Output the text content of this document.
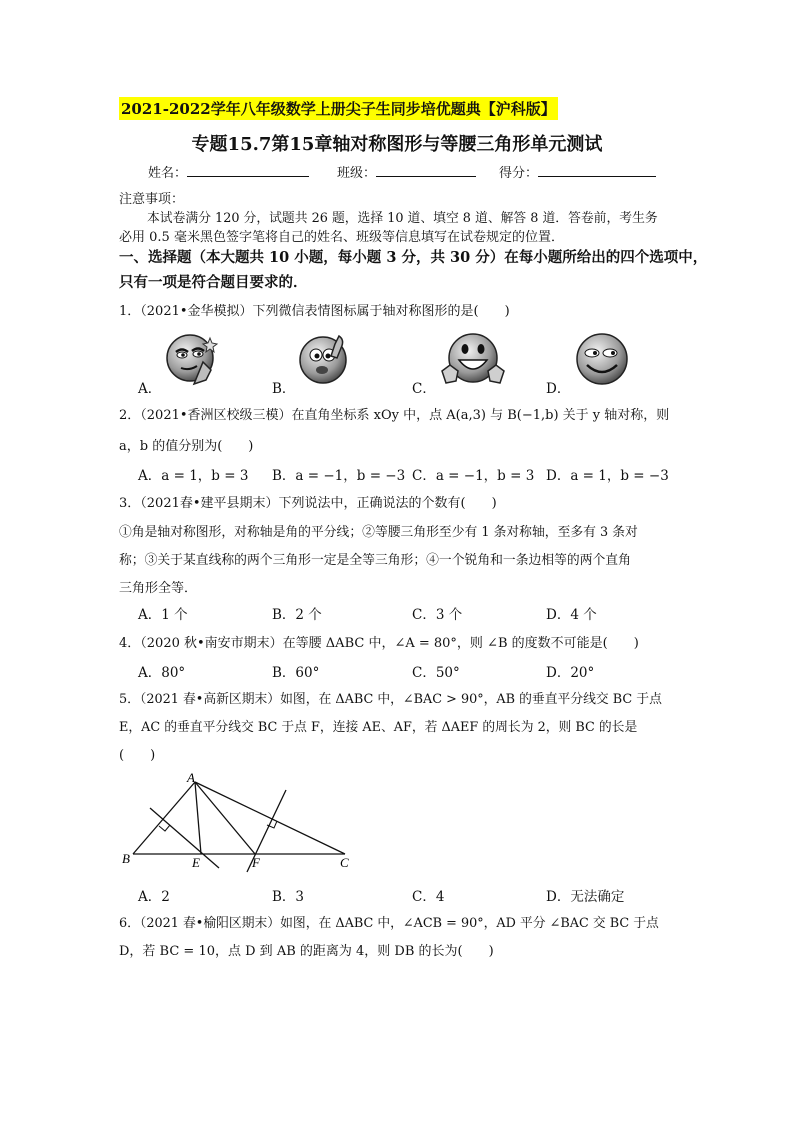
2021-2022学年八年级数学上册尖子生同步培优题典【沪科版】
专题15.7第15章轴对称图形与等腰三角形单元测试
姓名：	班级：	得分：
注意事项：
本试卷满分 120 分，试题共 26 题，选择 10 道、填空 8 道、解答 8 道．答卷前，考生务
必用 0.5 毫米黑色签字笔将自己的姓名、班级等信息填写在试卷规定的位置．
一、选择题（本大题共 10 小题，每小题 3 分，共 30 分）在每小题所给出的四个选项中，
只有一项是符合题目要求的．
1．（2021•金华模拟）下列微信表情图标属于轴对称图形的是(　　)
A．	B．	C．	D．
2．（2021•香洲区校级三模）在直角坐标系 xOy 中，点 A(a,3) 与 B(−1,b) 关于 y 轴对称，则
a，b 的值分别为(　　)
A．a = 1，b = 3 B．a = −1，b = −3 C．a = −1，b = 3 D．a = 1，b = −3
3．（2021春•建平县期末）下列说法中，正确说法的个数有(　　)
①角是轴对称图形，对称轴是角的平分线；②等腰三角形至少有 1 条对称轴，至多有 3 条对
称；③关于某直线称的两个三角形一定是全等三角形；④一个锐角和一条边相等的两个直角
三角形全等．
A．1 个	B．2 个	C．3 个	D．4 个
4．（2020 秋•南安市期末）在等腰 ΔABC 中，∠A = 80°，则 ∠B 的度数不可能是(　　)
A．80°	B．60°	C．50°	D．20°
5．（2021 春•高新区期末）如图，在 ΔABC 中，∠BAC > 90°，AB 的垂直平分线交 BC 于点
E，AC 的垂直平分线交 BC 于点 F，连接 AE、AF，若 ΔAEF 的周长为 2，则 BC 的长是
(　　)
A
B	C
E	F
A．2	B．3	C．4	D．无法确定
6．（2021 春•榆阳区期末）如图，在 ΔABC 中，∠ACB = 90°，AD 平分 ∠BAC 交 BC 于点
D，若 BC = 10，点 D 到 AB 的距离为 4，则 DB 的长为(　　)
